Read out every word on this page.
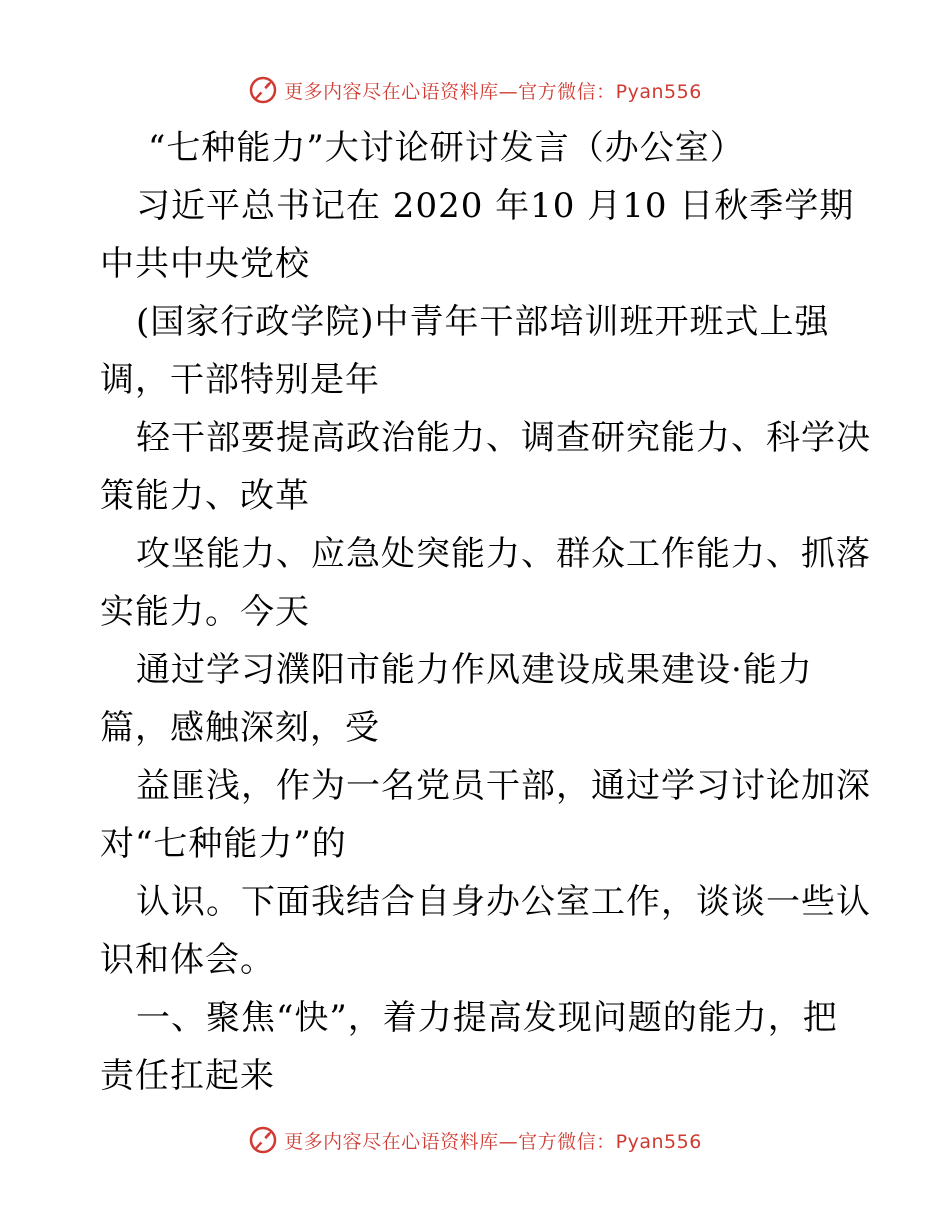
更多内容尽在心语资料库—官方微信：Pyan556
“七种能力”大讨论研讨发言（办公室）
习近平总书记在 2020 年10 月10 日秋季学期
中共中央党校
(国家行政学院)中青年干部培训班开班式上强
调，干部特别是年
轻干部要提高政治能力、调查研究能力、科学决
策能力、改革
攻坚能力、应急处突能力、群众工作能力、抓落
实能力。今天
通过学习濮阳市能力作风建设成果建设·能力
篇，感触深刻，受
益匪浅，作为一名党员干部，通过学习讨论加深
对“七种能力”的
认识。下面我结合自身办公室工作，谈谈一些认
识和体会。
一、聚焦“快”，着力提高发现问题的能力，把
责任扛起来
更多内容尽在心语资料库—官方微信：Pyan556
